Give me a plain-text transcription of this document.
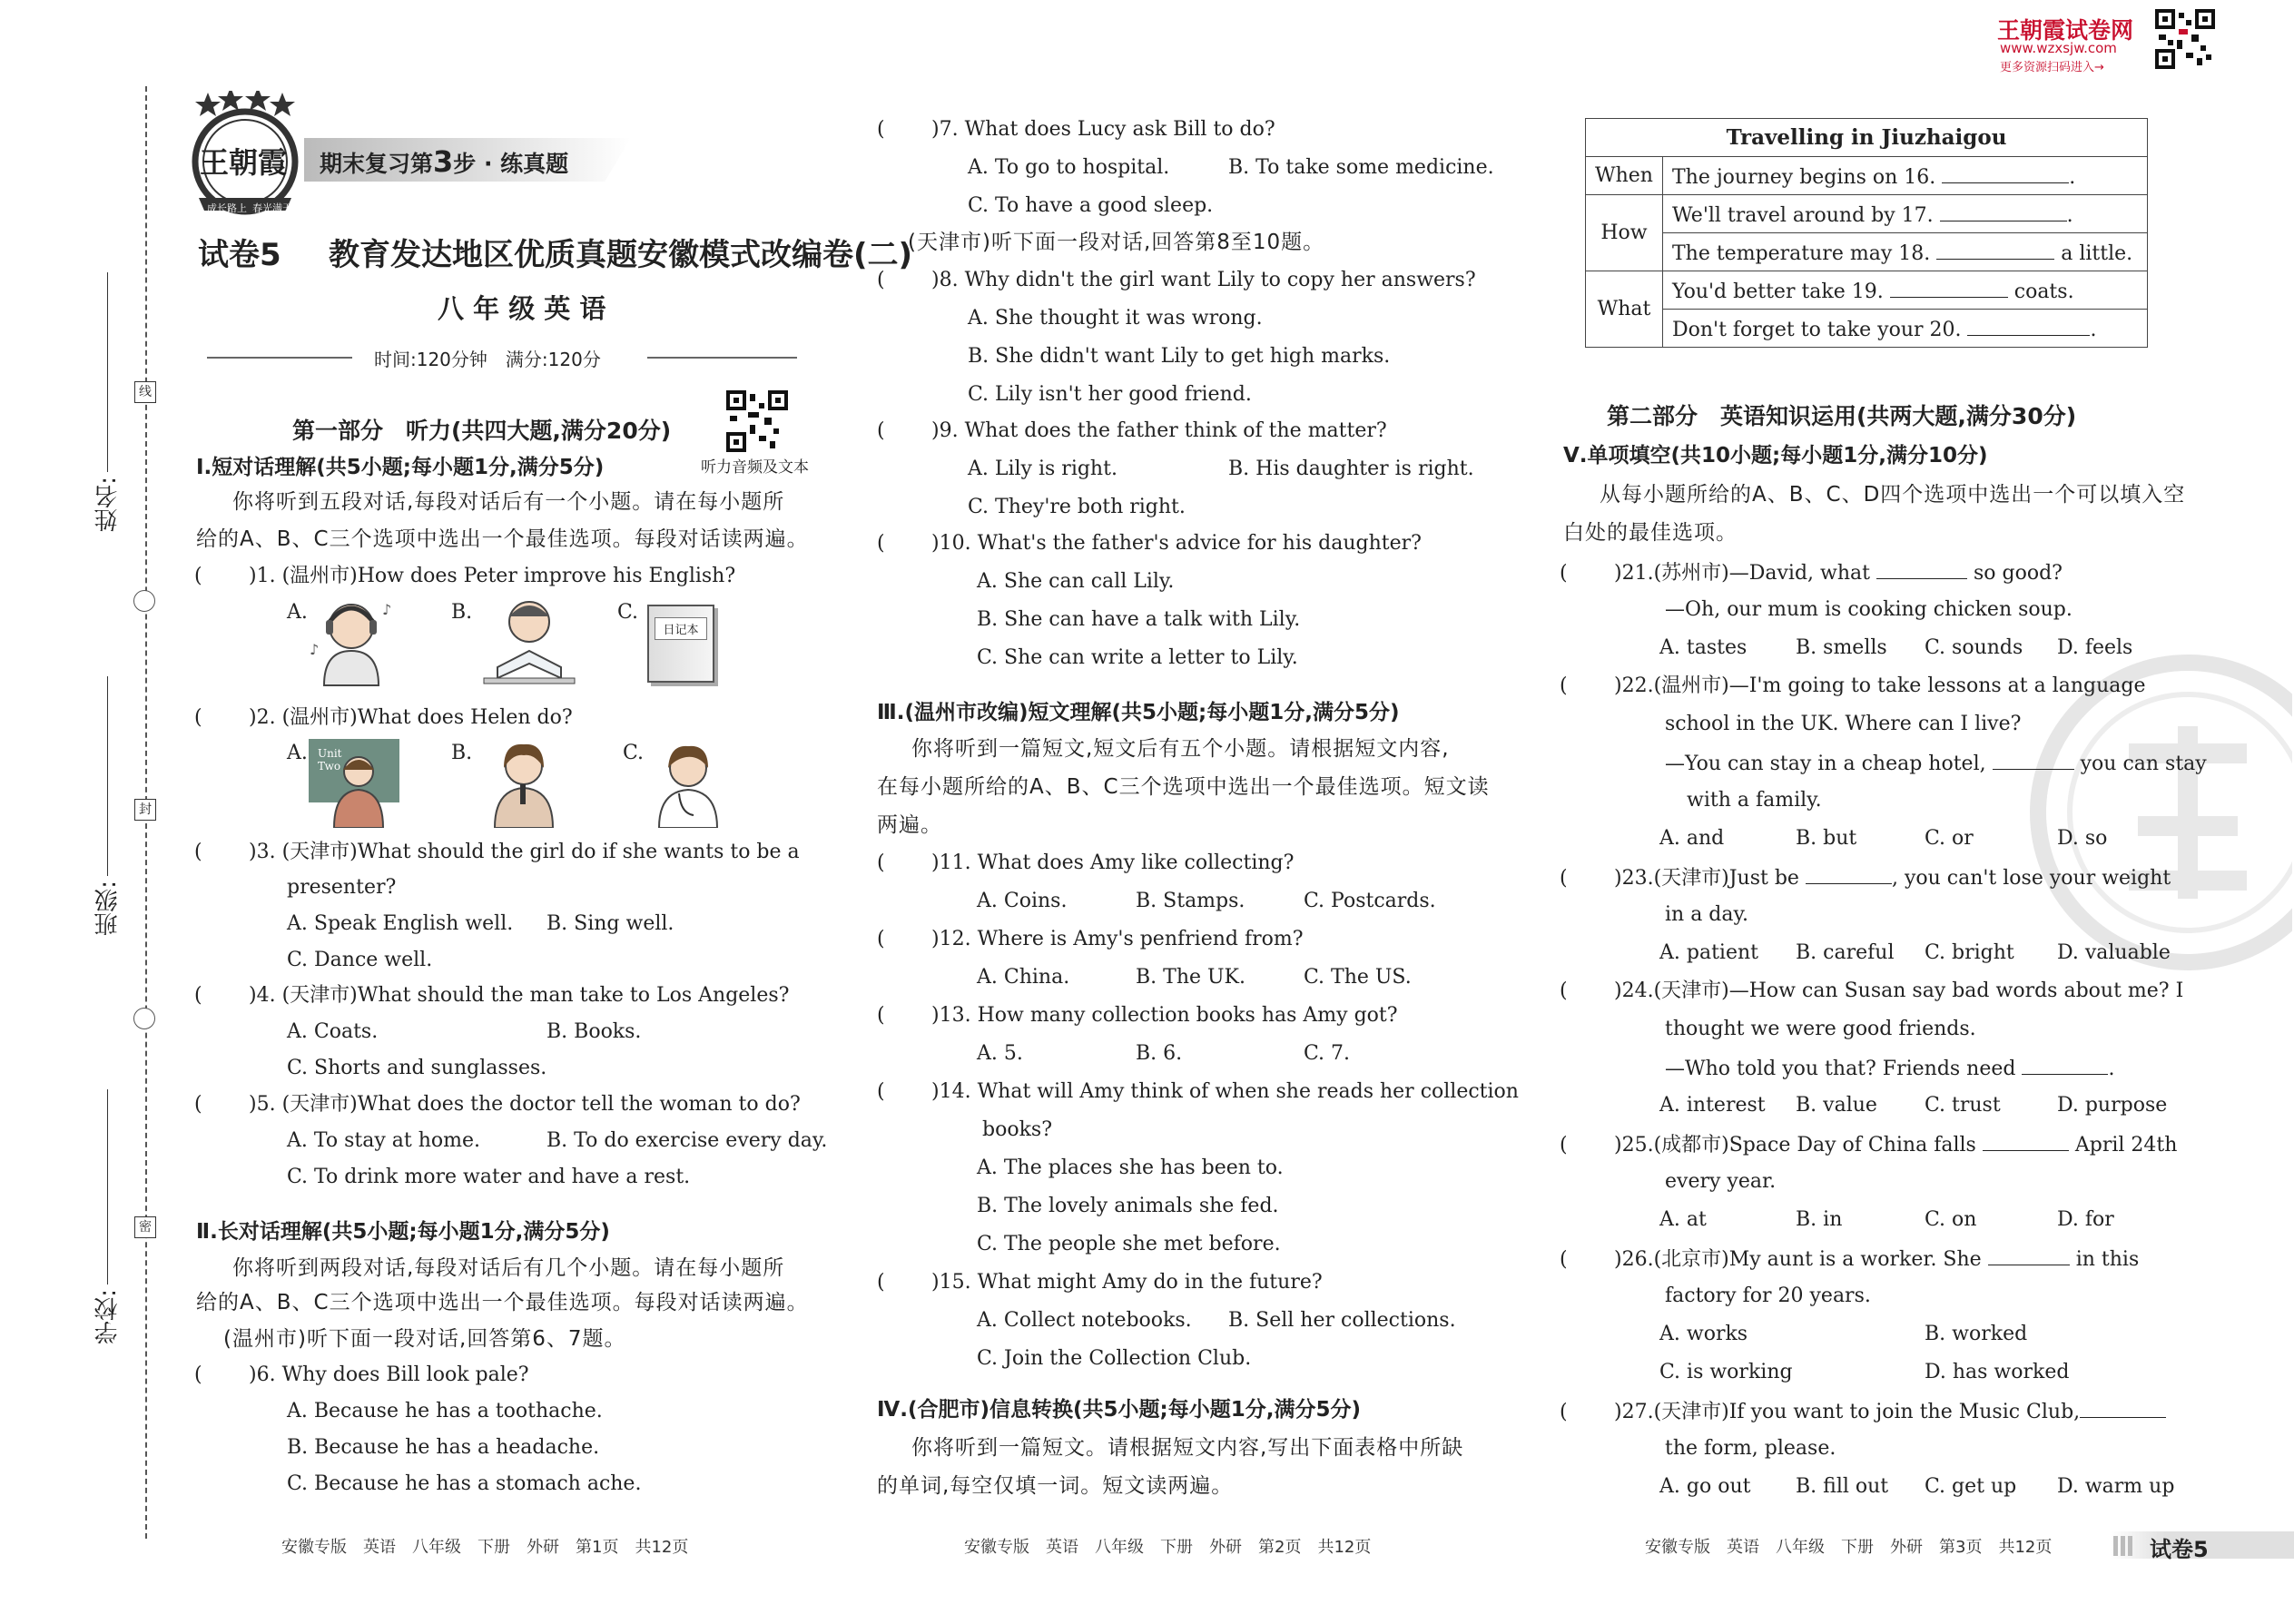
线
封
密
姓名:
班级:
学校:
王朝霞试卷网
www.wzxsjw.com
更多资源扫码进入→
王朝霞
成长路上 春光满天
期末复习第3步 · 练真题
试卷5 教育发达地区优质真题安徽模式改编卷(二)
八 年 级 英 语
时间:120分钟　满分:120分
第一部分　听力(共四大题,满分20分)
听力音频及文本
Ⅰ.短对话理解(共5小题;每小题1分,满分5分)
你将听到五段对话,每段对话后有一个小题。请在每小题所
给的A、B、C三个选项中选出一个最佳选项。每段对话读两遍。
( )1. (温州市)How does Peter improve his English?
A.	♪
♪
B.	C.
日记本
( )2. (温州市)What does Helen do?
A. Unit
Two
B.	C.
( )3. (天津市)What should the girl do if she wants to be a
presenter?
A. Speak English well. B. Sing well.
C. Dance well.
( )4. (天津市)What should the man take to Los Angeles?
A. Coats.	B. Books.
C. Shorts and sunglasses.
( )5. (天津市)What does the doctor tell the woman to do?
A. To stay at home.	B. To do exercise every day.
C. To drink more water and have a rest.
Ⅱ.长对话理解(共5小题;每小题1分,满分5分)
你将听到两段对话,每段对话后有几个小题。请在每小题所
给的A、B、C三个选项中选出一个最佳选项。每段对话读两遍。
(温州市)听下面一段对话,回答第6、7题。
( )6. Why does Bill look pale?
A. Because he has a toothache.
B. Because he has a headache.
C. Because he has a stomach ache.
安徽专版　英语　八年级　下册　外研　第1页　共12页
( )7. What does Lucy ask Bill to do?
A. To go to hospital.	B. To take some medicine.
C. To have a good sleep.
(天津市)听下面一段对话,回答第8至10题。
( )8. Why didn't the girl want Lily to copy her answers?
A. She thought it was wrong.
B. She didn't want Lily to get high marks.
C. Lily isn't her good friend.
( )9. What does the father think of the matter?
A. Lily is right.	B. His daughter is right.
C. They're both right.
( )10. What's the father's advice for his daughter?
A. She can call Lily.
B. She can have a talk with Lily.
C. She can write a letter to Lily.
Ⅲ.(温州市改编)短文理解(共5小题;每小题1分,满分5分)
你将听到一篇短文,短文后有五个小题。请根据短文内容,
在每小题所给的A、B、C三个选项中选出一个最佳选项。短文读
两遍。
( )11. What does Amy like collecting?
A. Coins.	B. Stamps.	C. Postcards.
( )12. Where is Amy's penfriend from?
A. China.	B. The UK.	C. The US.
( )13. How many collection books has Amy got?
A. 5.	B. 6.	C. 7.
( )14. What will Amy think of when she reads her collection
books?
A. The places she has been to.
B. The lovely animals she fed.
C. The people she met before.
( )15. What might Amy do in the future?
A. Collect notebooks. B. Sell her collections.
C. Join the Collection Club.
Ⅳ.(合肥市)信息转换(共5小题;每小题1分,满分5分)
你将听到一篇短文。请根据短文内容,写出下面表格中所缺
的单词,每空仅填一词。短文读两遍。
安徽专版　英语　八年级　下册　外研　第2页　共12页
Travelling in Jiuzhaigou	
When	The journey begins on 16. .
How	We'll travel around by 17. .
	The temperature may 18. a little.
What	You'd better take 19. coats.
	Don't forget to take your 20. .
第二部分　英语知识运用(共两大题,满分30分)
Ⅴ.单项填空(共10小题;每小题1分,满分10分)
从每小题所给的A、B、C、D四个选项中选出一个可以填入空
白处的最佳选项。
( )21.(苏州市)—David, what	so good?
—Oh, our mum is cooking chicken soup.
A. tastes B. smells C. sounds D. feels
( )22.(温州市)—I'm going to take lessons at a language
school in the UK. Where can I live?
—You can stay in a cheap hotel,	you can stay
with a family.
A. and	B. but	C. or	D. so
( )23.(天津市)Just be	, you can't lose your weight
in a day.
A. patient B. careful C. bright D. valuable
( )24.(天津市)—How can Susan say bad words about me? I
thought we were good friends.
—Who told you that? Friends need	.
A. interest B. value C. trust	D. purpose
( )25.(成都市)Space Day of China falls	April 24th
every year.
A. at	B. in	C. on	D. for
( )26.(北京市)My aunt is a worker. She	in this
factory for 20 years.
A. works	B. worked
C. is working	D. has worked
( )27.(天津市)If you want to join the Music Club,
the form, please.
A. go out B. fill out C. get up D. warm up
安徽专版　英语　八年级　下册　外研　第3页　共12页	试卷5
